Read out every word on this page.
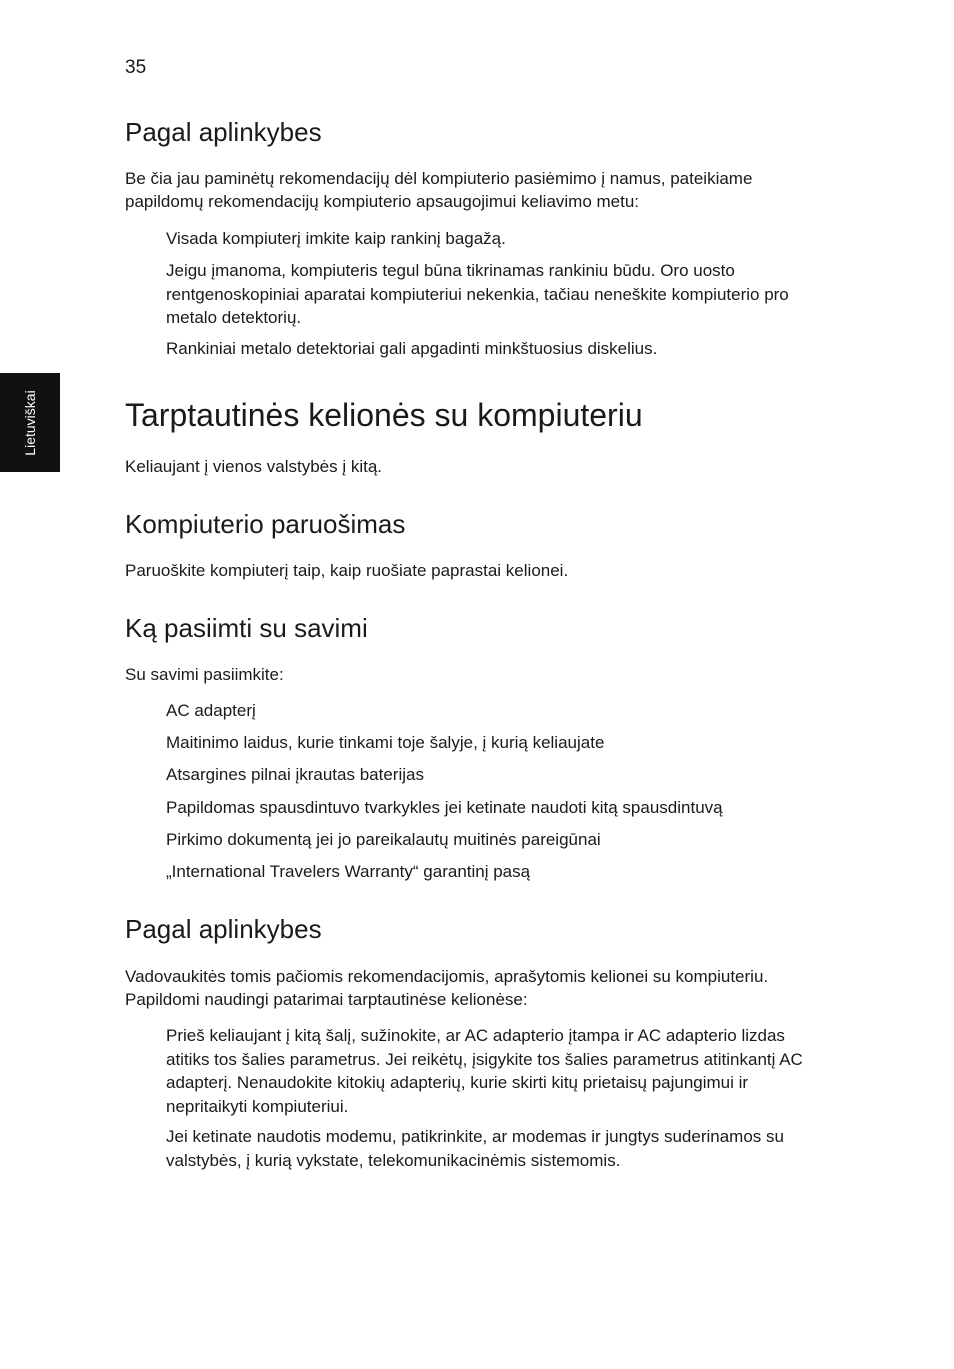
35
Lietuviškai
Pagal aplinkybes

Be čia jau paminėtų rekomendacijų dėl kompiuterio pasiėmimo į namus, pateikiame papildomų rekomendacijų kompiuterio apsaugojimui keliavimo metu:

Visada kompiuterį imkite kaip rankinį bagažą.

Jeigu įmanoma, kompiuteris tegul būna tikrinamas rankiniu būdu. Oro uosto rentgenoskopiniai aparatai kompiuteriui nekenkia, tačiau neneškite kompiuterio pro metalo detektorių.

Rankiniai metalo detektoriai gali apgadinti minkštuosius diskelius.

Tarptautinės kelionės su kompiuteriu

Keliaujant į vienos valstybės į kitą.

Kompiuterio paruošimas

Paruoškite kompiuterį taip, kaip ruošiate paprastai kelionei.

Ką pasiimti su savimi

Su savimi pasiimkite:

AC adapterį

Maitinimo laidus, kurie tinkami toje šalyje, į kurią keliaujate

Atsargines pilnai įkrautas baterijas

Papildomas spausdintuvo tvarkykles jei ketinate naudoti kitą spausdintuvą

Pirkimo dokumentą jei jo pareikalautų muitinės pareigūnai

„International Travelers Warranty“ garantinį pasą

Pagal aplinkybes

Vadovaukitės tomis pačiomis rekomendacijomis, aprašytomis kelionei su kompiuteriu. Papildomi naudingi patarimai tarptautinėse kelionėse:

Prieš keliaujant į kitą šalį, sužinokite, ar AC adapterio įtampa ir AC adapterio lizdas atitiks tos šalies parametrus. Jei reikėtų, įsigykite tos šalies parametrus atitinkantį AC adapterį. Nenaudokite kitokių adapterių, kurie skirti kitų prietaisų pajungimui ir nepritaikyti kompiuteriui.

Jei ketinate naudotis modemu, patikrinkite, ar modemas ir jungtys suderinamos su valstybės, į kurią vykstate, telekomunikacinėmis sistemomis.
